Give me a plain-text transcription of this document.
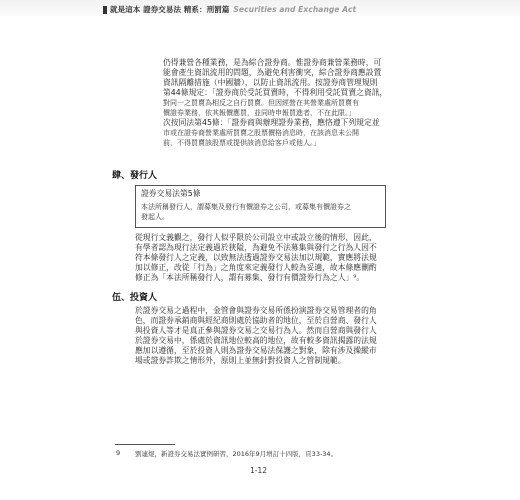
就是這本 證券交易法 精系：刑罰篇 Securities and Exchange Act
仍得兼營各種業務，是為綜合證券商。惟證券商兼營業務時，可
能會產生資訊流用的問題，為避免利害衝突，綜合證券商應設置
資訊隔離措施（中國牆），以防止資訊流用。按證券商管理規則
第44條規定：「證券商於受託買賣時，不得利用受託買賣之資訊，
對同一之買賣為相反之自行買賣。但因經營在其營業處所買賣有
價證券業務，依其報價應買，並同時申報買進者，不在此限。」
次按同法第45條：「證券商與辦理證券業務，應恪遵下列規定並
市或在證券商營業處所買賣之股票價格消息時，在該消息未公開
前，不得買賣該股票或提供該消息給客戶或他人。」
肆、發行人
證券交易法第5條
本法所稱發行人，謂募集及發行有價證券之公司，或募集有價證券之
發起人。
從現行文義觀之，發行人似乎限於公司設立中或設立後的情形，因此，
有學者認為現行法定義過於狹隘，為避免不法募集與發行之行為人因不
符本條發行人之定義，以致無法透過證券交易法加以規範，實應將法規
加以修正，改從「行為」之角度來定義發行人較為妥適，故本條應刪酌
修正為「本法所稱發行人，謂有募集、發行有價證券行為之人」⁹。
伍、投資人
於證券交易之過程中，金管會與證券交易所係扮演證券交易管理者的角
色，而證券承銷商與經紀商則處於協助者的地位，至於自營商、發行人
與投資人等才是真正參與證券交易之交易行為人。然而自營商與發行人
於證券交易中，係處於資訊地位較高的地位，故有較多資訊揭露的法規
應加以遵循，至於投資人則為證券交易法保護之對象，除有涉及操縱市
場或證券詐欺之情形外，原則上並無針對投資人之管制規範。
9 劉連煜，新證券交易法實例研習，2016年9月增訂十四版，頁33-34。
1-12
